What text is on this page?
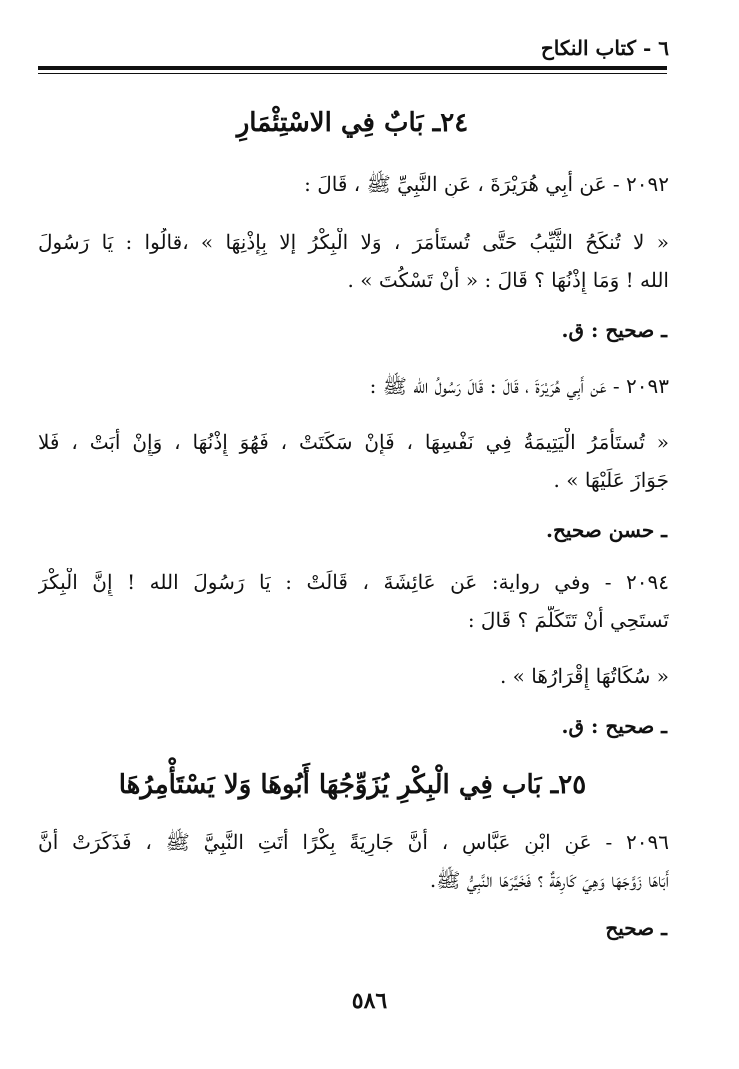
٦ - كتاب النكاح
٢٤ـ بَابٌ فِي الاسْتِئْمَارِ
٢٠٩٢ - عَن أَبِي هُرَيْرَةَ ، عَنِ النَّبِيِّ ﷺ ، قَالَ :
« لا تُنكَحُ الثَّيِّبُ حَتَّى تُستَأمَرَ ، وَلا الْبِكْرُ إلا بِإِذْنِهَا » ،قالُوا : يَا رَسُولَ
الله ! وَمَا إِذْنُهَا ؟ قَالَ : « أَنْ تَسْكُتَ » .
ـ صحيح : ق.
٢٠٩٣ - عَن أَبِي هُرَيْرَةَ ، قَالَ : قَالَ رَسُولُ الله ﷺ :
« تُستَأمَرُ الْيَتِيمَةُ فِي نَفْسِهَا ، فَإِنْ سَكَتَتْ ، فَهُوَ إِذْنُهَا ، وَإِنْ أَبَتْ ، فَلا
جَوَازَ عَلَيْهَا » .
ـ حسن صحيح.
٢٠٩٤ - وفي رواية: عَن عَائِشَةَ ، قَالَتْ : يَا رَسُولَ الله ! إِنَّ الْبِكْرَ
تَستَحِي أَنْ تَتَكَلَّمَ ؟ قَالَ :
« سُكَاتُهَا إِقْرَارُهَا » .
ـ صحيح : ق.
٢٥ـ بَاب فِي الْبِكْرِ يُزَوِّجُهَا أَبُوهَا وَلا يَسْتَأْمِرُهَا
٢٠٩٦ - عَنِ ابْنِ عَبَّاسٍ ، أَنَّ جَارِيَةً بِكْرًا أَتَتِ النَّبِيَّ ﷺ ، فَذَكَرَتْ أَنَّ
أَبَاهَا زَوَّجَهَا وَهِيَ كَارِهَةٌ ؟ فَخَيَّرَهَا النَّبِيُّ ﷺ.
ـ صحيح
٥٨٦
